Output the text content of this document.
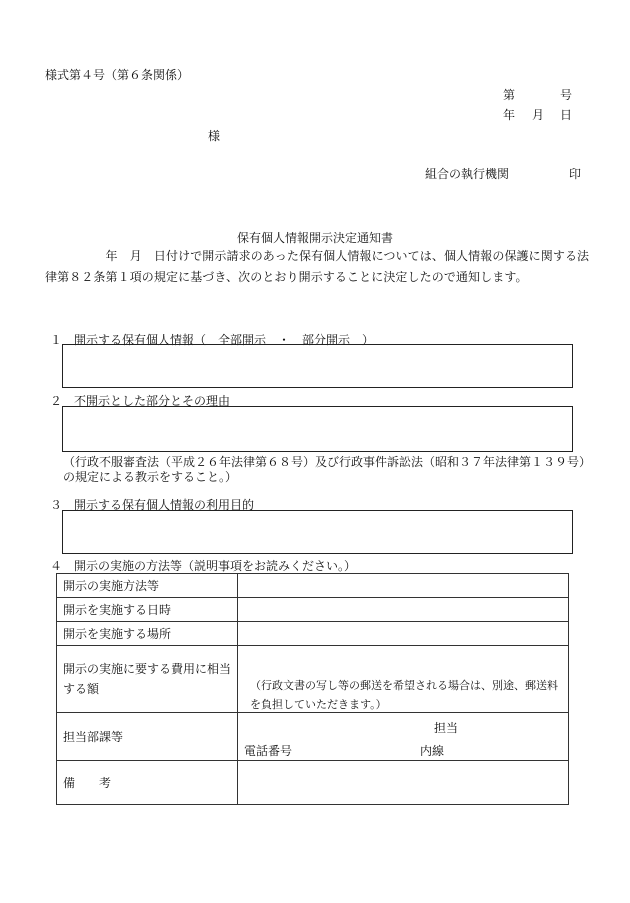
様式第４号（第６条関係）
第	号
年 月 日
様
組合の執行機関	印
保有個人情報開示決定通知書
　　　　　年　月　日付けで開示請求のあった保有個人情報については、個人情報の保護に関する法律第８２条第１項の規定に基づき、次のとおり開示することに決定したので通知します。
１　開示する保有個人情報（　全部開示　・　部分開示　）
２　不開示とした部分とその理由
（行政不服審査法（平成２６年法律第６８号）及び行政事件訴訟法（昭和３７年法律第１３９号）の規定による教示をすること。）
３　開示する保有個人情報の利用目的
４　開示の実施の方法等（説明事項をお読みください。）
開示の実施方法等	
開示を実施する日時	
開示を実施する場所	
開示の実施に要する費用に相当する額	（行政文書の写し等の郵送を希望される場合は、別途、郵送料を負担していただきます。）

担当部課等	担当
電話番号 内線

備　　考	
